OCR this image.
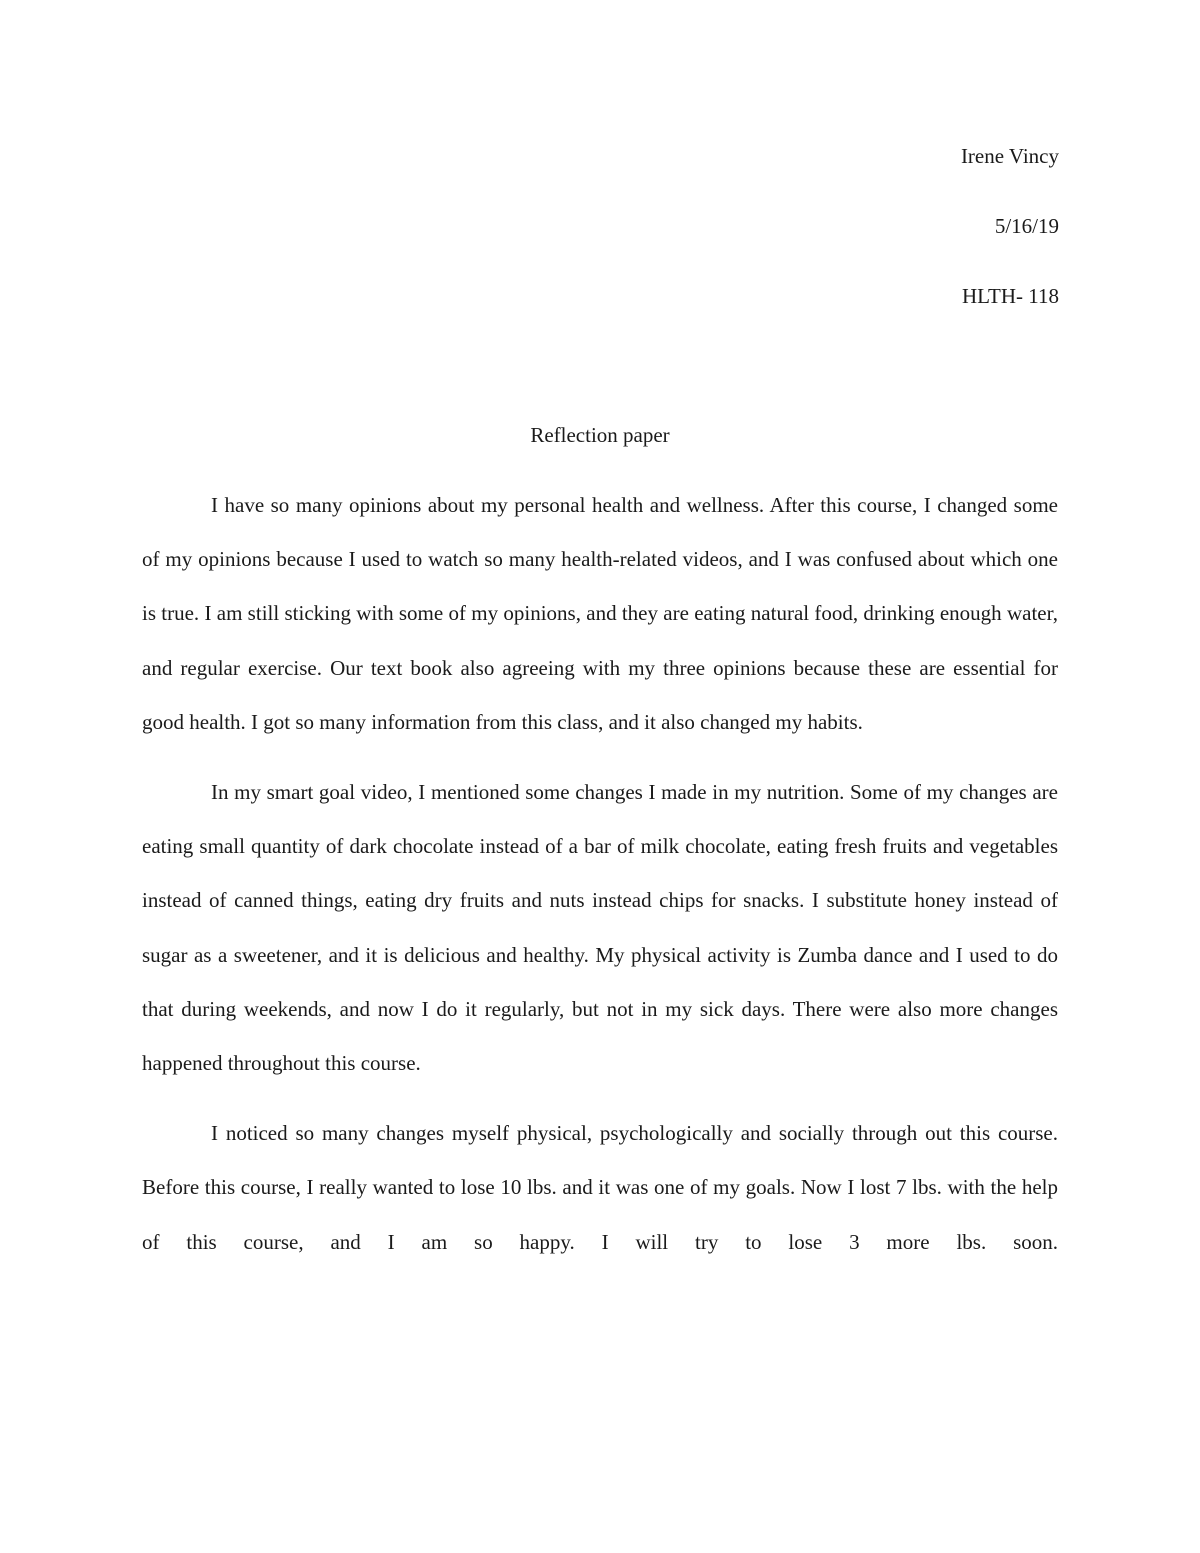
Irene Vincy
5/16/19
HLTH- 118
Reflection paper

I have so many opinions about my personal health and wellness. After this course, I changed some of my opinions because I used to watch so many health-related videos, and I was confused about which one is true. I am still sticking with some of my opinions, and they are eating natural food, drinking enough water, and regular exercise. Our text book also agreeing with my three opinions because these are essential for good health. I got so many information from this class, and it also changed my habits.

In my smart goal video, I mentioned some changes I made in my nutrition. Some of my changes are eating small quantity of dark chocolate instead of a bar of milk chocolate, eating fresh fruits and vegetables instead of canned things, eating dry fruits and nuts instead chips for snacks. I substitute honey instead of sugar as a sweetener, and it is delicious and healthy. My physical activity is Zumba dance and I used to do that during weekends, and now I do it regularly, but not in my sick days. There were also more changes happened throughout this course.

I noticed so many changes myself physical, psychologically and socially through out this course. Before this course, I really wanted to lose 10 lbs. and it was one of my goals. Now I lost 7 lbs. with the help of this course, and I am so happy. I will try to lose 3 more lbs. soon.
